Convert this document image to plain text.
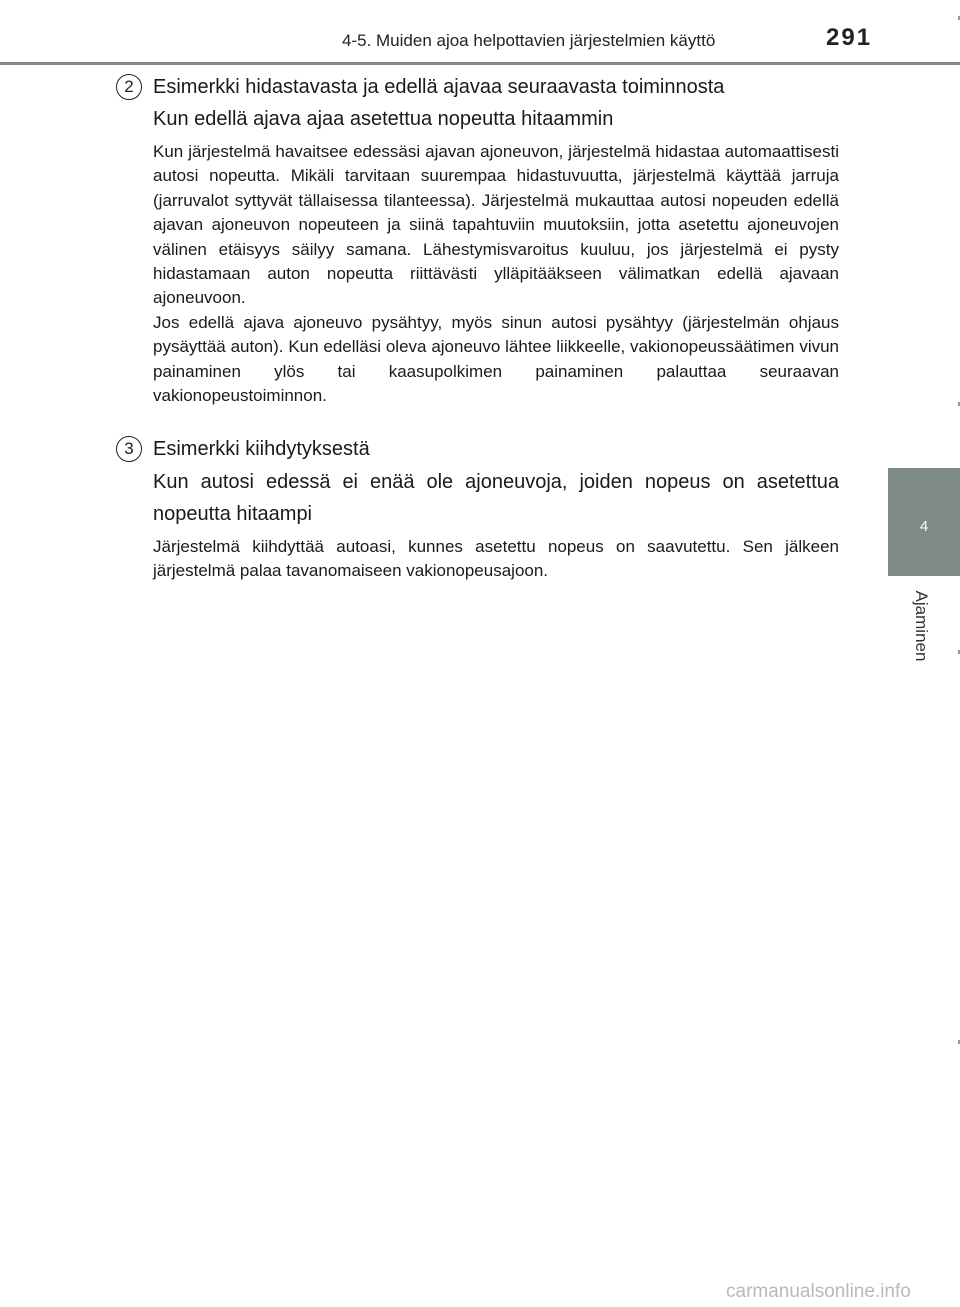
4-5. Muiden ajoa helpottavien järjestelmien käyttö	291
4
Ajaminen
2 Esimerkki hidastavasta ja edellä ajavaa seuraavasta toiminnosta
Kun edellä ajava ajaa asetettua nopeutta hitaammin

Kun järjestelmä havaitsee edessäsi ajavan ajoneuvon, järjestelmä hidastaa automaattisesti autosi nopeutta. Mikäli tarvitaan suurempaa hidastuvuutta, järjestelmä käyttää jarruja (jarruvalot syttyvät tällaisessa tilanteessa). Järjestelmä mukauttaa autosi nopeuden edellä ajavan ajoneuvon nopeuteen ja siinä tapahtuviin muutoksiin, jotta asetettu ajoneuvojen välinen etäisyys säilyy samana. Lähestymisvaroitus kuuluu, jos järjestelmä ei pysty hidastamaan auton nopeutta riittävästi ylläpitääkseen välimatkan edellä ajavaan ajoneuvoon.

Jos edellä ajava ajoneuvo pysähtyy, myös sinun autosi pysähtyy (järjestelmän ohjaus pysäyttää auton). Kun edelläsi oleva ajoneuvo lähtee liikkeelle, vakionopeussäätimen vivun painaminen ylös tai kaasupolkimen painaminen palauttaa seuraavan vakionopeustoiminnon.

3 Esimerkki kiihdytyksestä
Kun autosi edessä ei enää ole ajoneuvoja, joiden nopeus on asetettua nopeutta hitaampi

Järjestelmä kiihdyttää autoasi, kunnes asetettu nopeus on saavutettu. Sen jälkeen järjestelmä palaa tavanomaiseen vakionopeusajoon.

carmanualsonline.info
